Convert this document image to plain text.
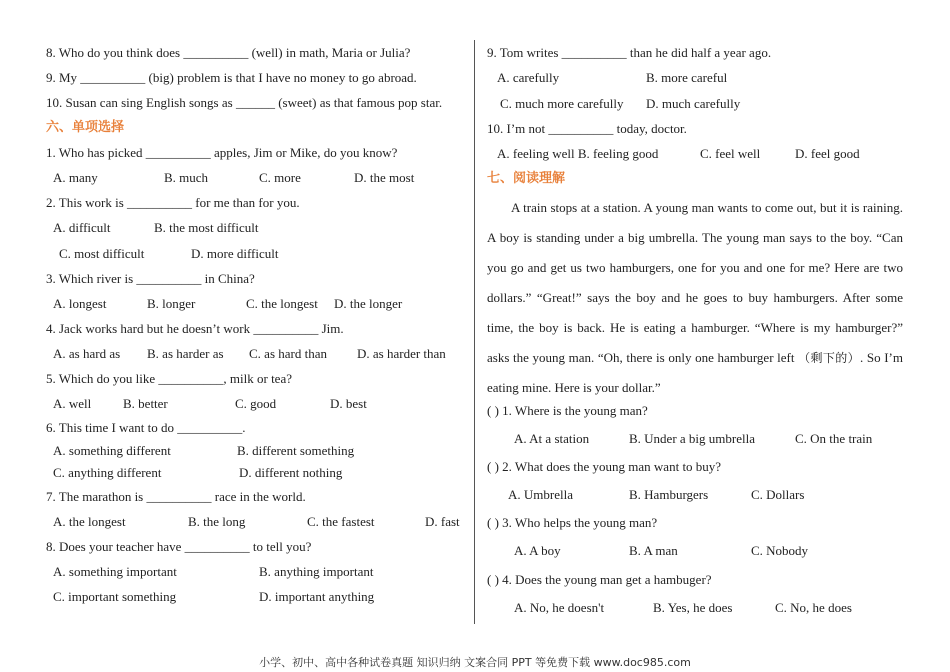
8. Who do you think does __________ (well) in math, Maria or Julia?
9. My __________ (big) problem is that I have no money to go abroad.
10. Susan can sing English songs as ______ (sweet) as that famous pop star.
六、单项选择
1. Who has picked __________ apples, Jim or Mike, do you know?
A. many	B. much	C. more	D. the most
2. This work is __________ for me than for you.
A. difficult	B. the most difficult
C. most difficult	D. more difficult
3. Which river is __________ in China?
A. longest	B. longer	C. the longest D. the longer
4. Jack works hard but he doesn’t work __________ Jim.
A. as hard as B. as harder as C. as hard than D. as harder than
5. Which do you like __________, milk or tea?
A. well B. better	C. good	D. best
6. This time I want to do __________.
A. something different	B. different something
C. anything different	D. different nothing
7. The marathon is __________ race in the world.
A. the longest	B. the long	C. the fastest	D. fast
8. Does your teacher have __________ to tell you?
A. something important	B. anything important
C. important something	D. important anything
9. Tom writes __________ than he did half a year ago.
A. carefully	B. more careful
C. much more carefully D. much carefully
10. I’m not __________ today, doctor.
A. feeling well B. feeling good	C. feel well	D. feel good
七、阅读理解
A train stops at a station. A young man wants to come out, but it is raining. A boy is standing under a big umbrella. The young man says to the boy. “Can you go and get us two hamburgers, one for you and one for me? Here are two dollars.” “Great!” says the boy and he goes to buy hamburgers. After some time, the boy is back. He is eating a hamburger. “Where is my hamburger?” asks the young man. “Oh, there is only one hamburger left （剩下的）. So I’m eating mine. Here is your dollar.”
( ) 1. Where is the young man?
A. At a station	B. Under a big umbrella	C. On the train
( ) 2. What does the young man want to buy?
A. Umbrella	B. Hamburgers	C. Dollars
( ) 3. Who helps the young man?
A. A boy	B. A man	C. Nobody
( ) 4. Does the young man get a hambuger?
A. No, he doesn't	B. Yes, he does	C. No, he does
小学、初中、高中各种试卷真题 知识归纳 文案合同 PPT 等免费下载 www.doc985.com
